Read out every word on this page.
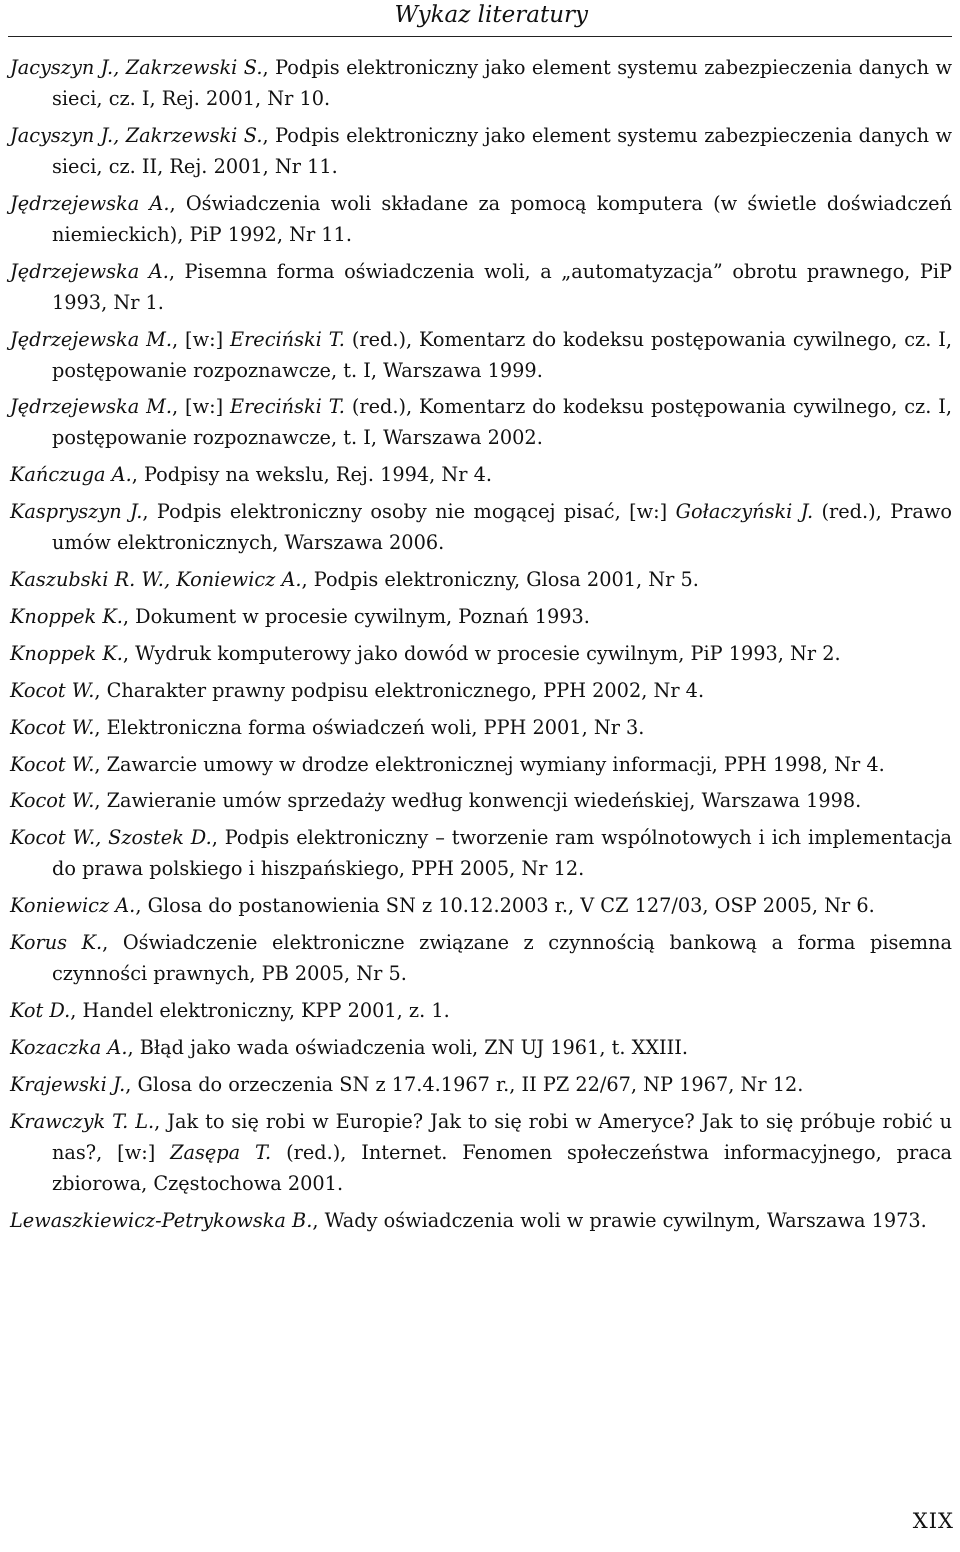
Wykaz literatury
Jacyszyn J., Zakrzewski S., Podpis elektroniczny jako element systemu zabezpieczenia danych w sieci, cz. I, Rej. 2001, Nr 10.
Jacyszyn J., Zakrzewski S., Podpis elektroniczny jako element systemu zabezpieczenia danych w sieci, cz. II, Rej. 2001, Nr 11.
Jędrzejewska A., Oświadczenia woli składane za pomocą komputera (w świetle doświadczeń niemieckich), PiP 1992, Nr 11.
Jędrzejewska A., Pisemna forma oświadczenia woli, a „automatyzacja” obrotu prawnego, PiP 1993, Nr 1.
Jędrzejewska M., [w:] Ereciński T. (red.), Komentarz do kodeksu postępowania cywilnego, cz. I, postępowanie rozpoznawcze, t. I, Warszawa 1999.
Jędrzejewska M., [w:] Ereciński T. (red.), Komentarz do kodeksu postępowania cywilnego, cz. I, postępowanie rozpoznawcze, t. I, Warszawa 2002.
Kańczuga A., Podpisy na wekslu, Rej. 1994, Nr 4.
Kaspryszyn J., Podpis elektroniczny osoby nie mogącej pisać, [w:] Gołaczyński J. (red.), Prawo umów elektronicznych, Warszawa 2006.
Kaszubski R. W., Koniewicz A., Podpis elektroniczny, Glosa 2001, Nr 5.
Knoppek K., Dokument w procesie cywilnym, Poznań 1993.
Knoppek K., Wydruk komputerowy jako dowód w procesie cywilnym, PiP 1993, Nr 2.
Kocot W., Charakter prawny podpisu elektronicznego, PPH 2002, Nr 4.
Kocot W., Elektroniczna forma oświadczeń woli, PPH 2001, Nr 3.
Kocot W., Zawarcie umowy w drodze elektronicznej wymiany informacji, PPH 1998, Nr 4.
Kocot W., Zawieranie umów sprzedaży według konwencji wiedeńskiej, Warszawa 1998.
Kocot W., Szostek D., Podpis elektroniczny – tworzenie ram wspólnotowych i ich implementacja do prawa polskiego i hiszpańskiego, PPH 2005, Nr 12.
Koniewicz A., Glosa do postanowienia SN z 10.12.2003 r., V CZ 127/03, OSP 2005, Nr 6.
Korus K., Oświadczenie elektroniczne związane z czynnością bankową a forma pisemna czynności prawnych, PB 2005, Nr 5.
Kot D., Handel elektroniczny, KPP 2001, z. 1.
Kozaczka A., Błąd jako wada oświadczenia woli, ZN UJ 1961, t. XXIII.
Krajewski J., Glosa do orzeczenia SN z 17.4.1967 r., II PZ 22/67, NP 1967, Nr 12.
Krawczyk T. L., Jak to się robi w Europie? Jak to się robi w Ameryce? Jak to się próbuje robić u nas?, [w:] Zasępa T. (red.), Internet. Fenomen społeczeństwa informacyjnego, praca zbiorowa, Częstochowa 2001.
Lewaszkiewicz-Petrykowska B., Wady oświadczenia woli w prawie cywilnym, Warszawa 1973.
XIX
